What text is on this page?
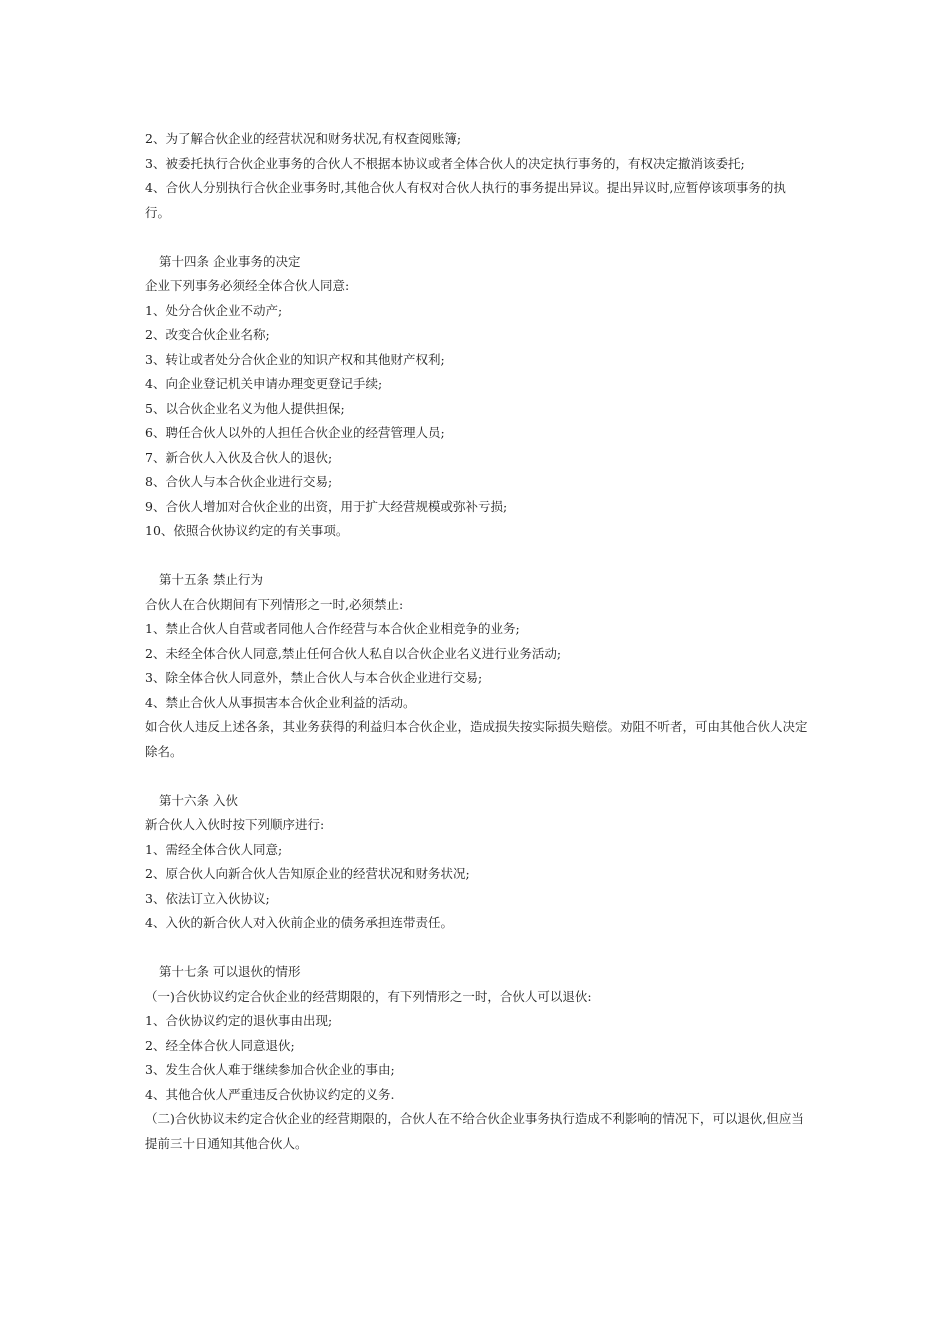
2、为了解合伙企业的经营状况和财务状况,有权查阅账簿;
3、被委托执行合伙企业事务的合伙人不根据本协议或者全体合伙人的决定执行事务的，有权决定撤消该委托;
4、合伙人分别执行合伙企业事务时,其他合伙人有权对合伙人执行的事务提出异议。提出异议时,应暂停该项事务的执行。
第十四条 企业事务的决定
企业下列事务必须经全体合伙人同意:
1、处分合伙企业不动产;
2、改变合伙企业名称;
3、转让或者处分合伙企业的知识产权和其他财产权利;
4、向企业登记机关申请办理变更登记手续;
5、以合伙企业名义为他人提供担保;
6、聘任合伙人以外的人担任合伙企业的经营管理人员;
7、新合伙人入伙及合伙人的退伙;
8、合伙人与本合伙企业进行交易;
9、合伙人增加对合伙企业的出资，用于扩大经营规模或弥补亏损;
10、依照合伙协议约定的有关事项。
第十五条 禁止行为
合伙人在合伙期间有下列情形之一时,必须禁止:
1、禁止合伙人自营或者同他人合作经营与本合伙企业相竞争的业务;
2、未经全体合伙人同意,禁止任何合伙人私自以合伙企业名义进行业务活动;
3、除全体合伙人同意外，禁止合伙人与本合伙企业进行交易;
4、禁止合伙人从事损害本合伙企业利益的活动。
如合伙人违反上述各条，其业务获得的利益归本合伙企业，造成损失按实际损失赔偿。劝阻不听者，可由其他合伙人决定除名。
第十六条 入伙
新合伙人入伙时按下列顺序进行:
1、需经全体合伙人同意;
2、原合伙人向新合伙人告知原企业的经营状况和财务状况;
3、依法订立入伙协议;
4、入伙的新合伙人对入伙前企业的债务承担连带责任。
第十七条 可以退伙的情形
（一)合伙协议约定合伙企业的经营期限的，有下列情形之一时，合伙人可以退伙:
1、合伙协议约定的退伙事由出现;
2、经全体合伙人同意退伙;
3、发生合伙人难于继续参加合伙企业的事由;
4、其他合伙人严重违反合伙协议约定的义务.
（二)合伙协议未约定合伙企业的经营期限的，合伙人在不给合伙企业事务执行造成不利影响的情况下，可以退伙,但应当提前三十日通知其他合伙人。
